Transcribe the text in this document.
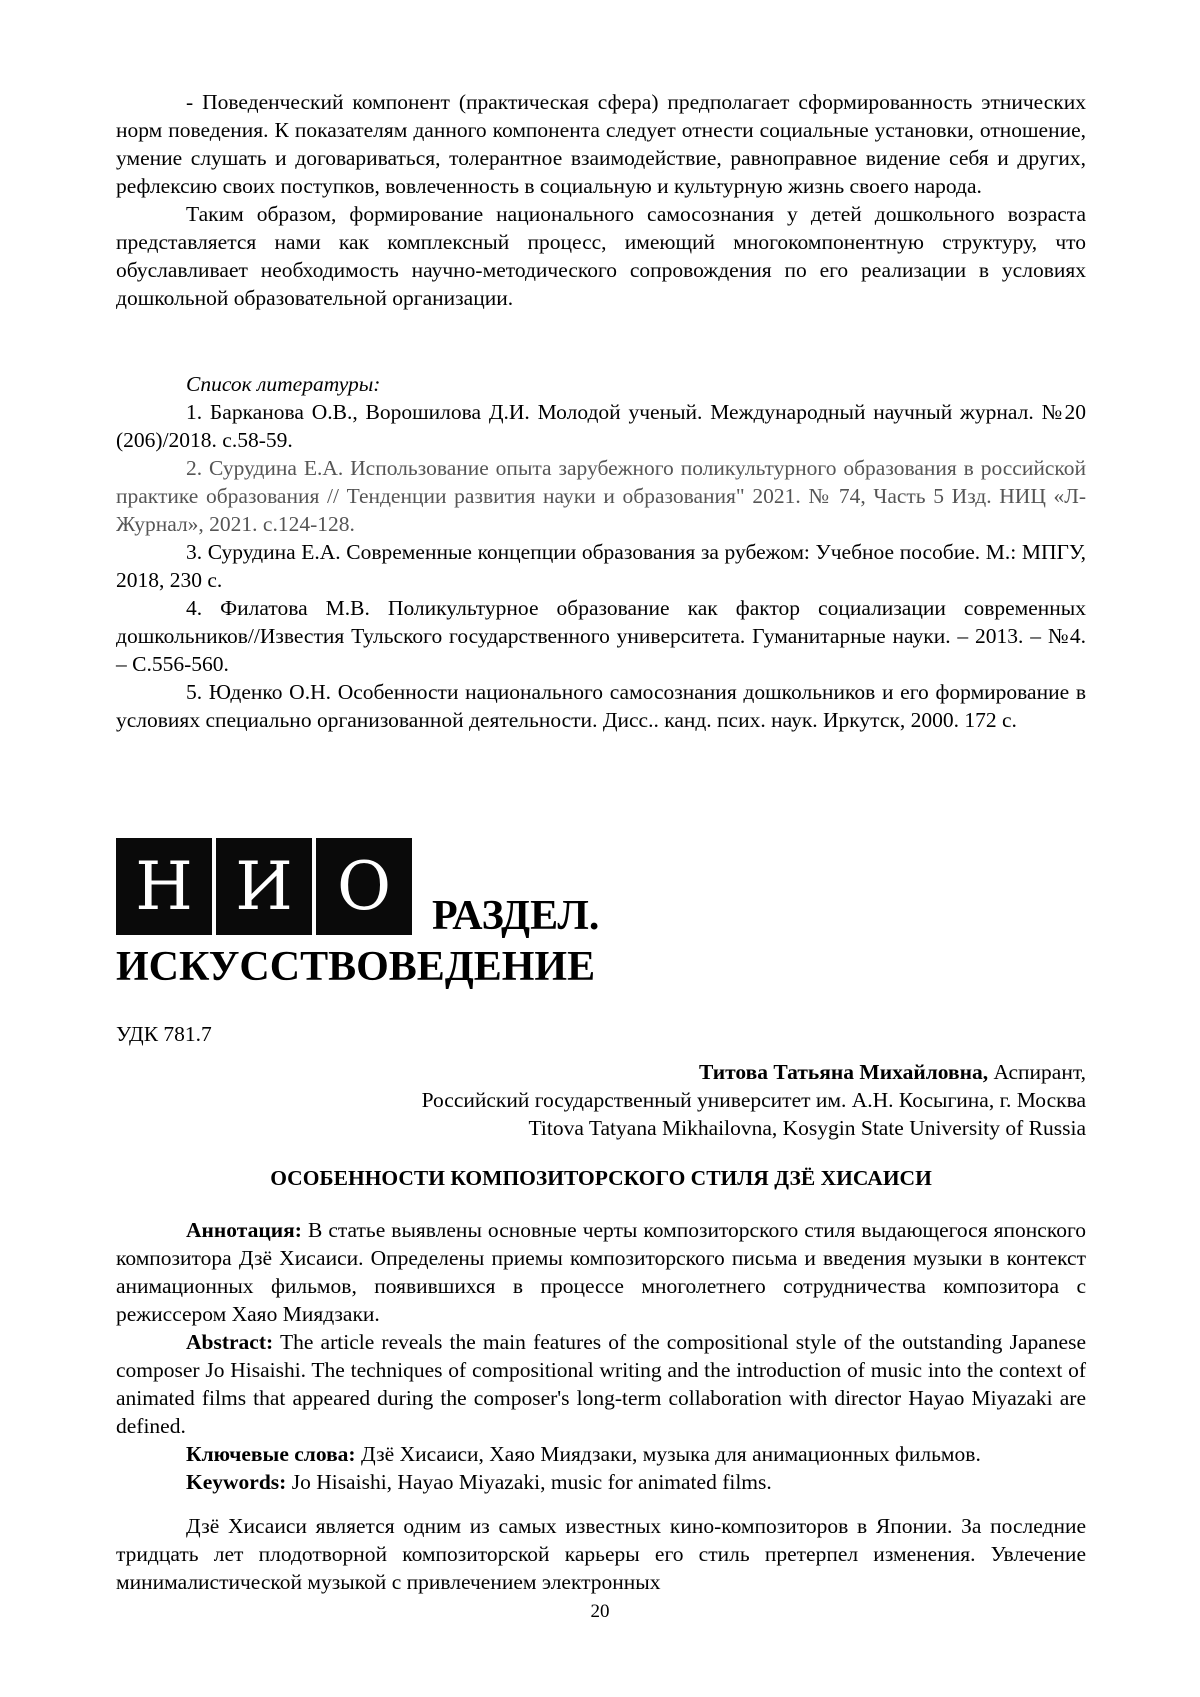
- Поведенческий компонент (практическая сфера) предполагает сформированность этнических норм поведения. К показателям данного компонента следует отнести социальные установки, отношение, умение слушать и договариваться, толерантное взаимодействие, равноправное видение себя и других, рефлексию своих поступков, вовлеченность в социальную и культурную жизнь своего народа.

Таким образом, формирование национального самосознания у детей дошкольного возраста представляется нами как комплексный процесс, имеющий многокомпонентную структуру, что обуславливает необходимость научно-методического сопровождения по его реализации в условиях дошкольной образовательной организации.

Список литературы:

1. Барканова О.В., Ворошилова Д.И. Молодой ученый. Международный научный журнал. №20 (206)/2018. с.58-59.

2. Сурудина Е.А. Использование опыта зарубежного поликультурного образования в российской практике образования // Тенденции развития науки и образования" 2021. № 74, Часть 5 Изд. НИЦ «Л-Журнал», 2021. с.124-128.

3. Сурудина Е.А. Современные концепции образования за рубежом: Учебное пособие. М.: МПГУ, 2018, 230 с.

4. Филатова М.В. Поликультурное образование как фактор социализации современных дошкольников//Известия Тульского государственного университета. Гуманитарные науки. – 2013. – №4. – С.556-560.

5. Юденко О.Н. Особенности национального самосознания дошкольников и его формирование в условиях специально организованной деятельности. Дисс.. канд. псих. наук. Иркутск, 2000. 172 с.

Н И О РАЗДЕЛ.
ИСКУССТВОВЕДЕНИЕ

УДК 781.7

Титова Татьяна Михайловна, Аспирант,

Российский государственный университет им. А.Н. Косыгина, г. Москва

Titova Tatyana Mikhailovna, Kosygin State University of Russia

ОСОБЕННОСТИ КОМПОЗИТОРСКОГО СТИЛЯ ДЗЁ ХИСАИСИ

Аннотация: В статье выявлены основные черты композиторского стиля выдающегося японского композитора Дзё Хисаиси. Определены приемы композиторского письма и введения музыки в контекст анимационных фильмов, появившихся в процессе многолетнего сотрудничества композитора с режиссером Хаяо Миядзаки.

Abstract: The article reveals the main features of the compositional style of the outstanding Japanese composer Jo Hisaishi. The techniques of compositional writing and the introduction of music into the context of animated films that appeared during the composer's long-term collaboration with director Hayao Miyazaki are defined.

Ключевые слова: Дзё Хисаиси, Хаяо Миядзаки, музыка для анимационных фильмов.

Keywords: Jo Hisaishi, Hayao Miyazaki, music for animated films.

Дзё Хисаиси является одним из самых известных кино-композиторов в Японии. За последние тридцать лет плодотворной композиторской карьеры его стиль претерпел изменения. Увлечение минималистической музыкой с привлечением электронных

20
